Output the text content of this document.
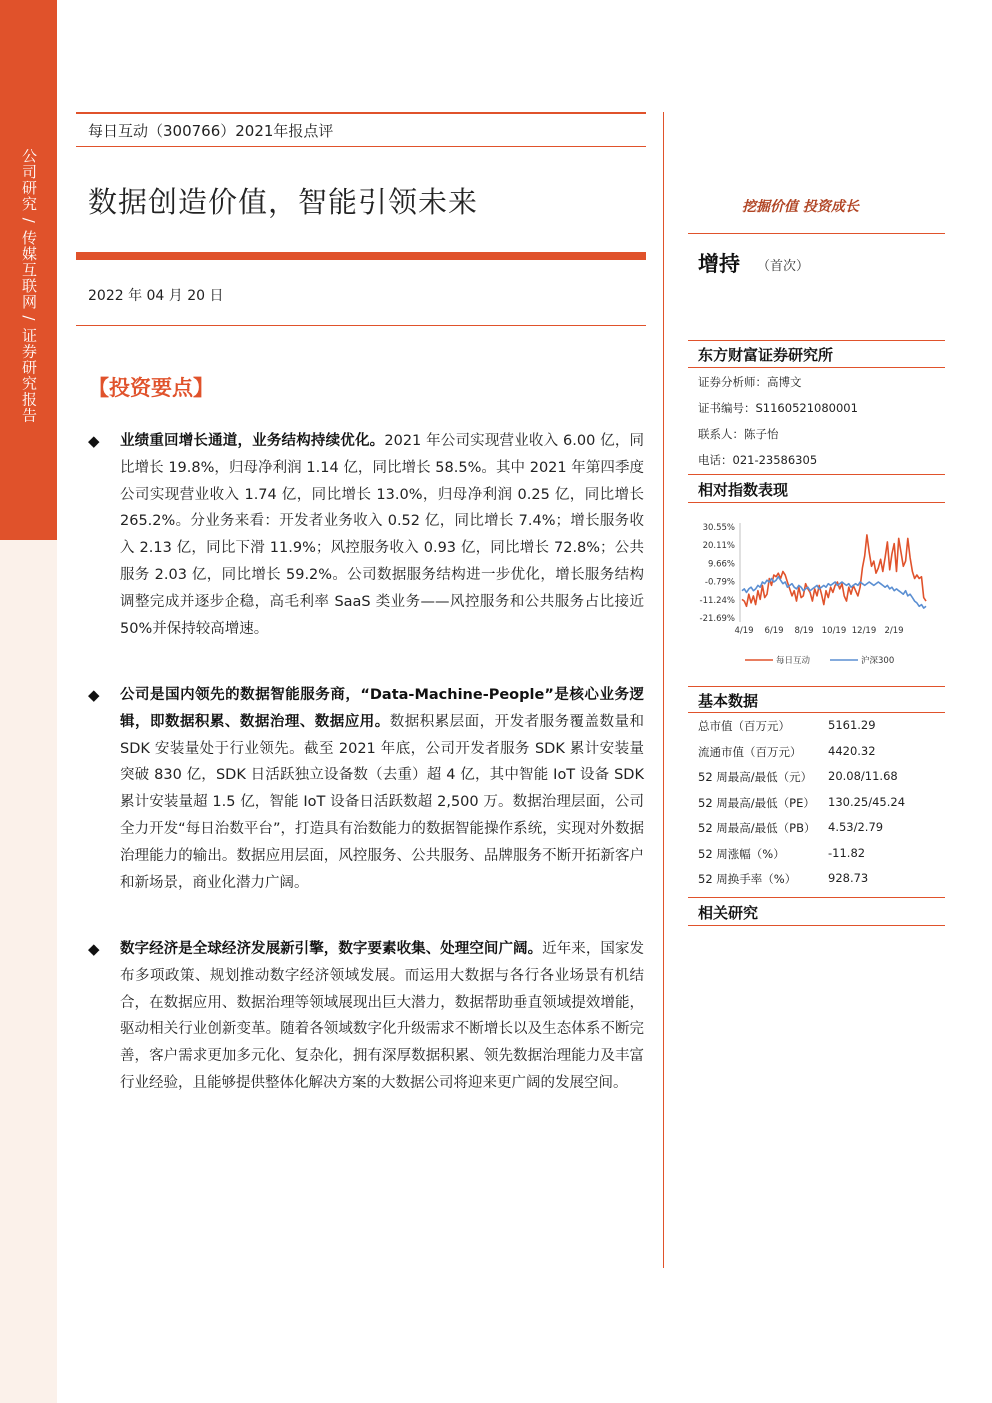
公司研究 / 传媒互联网 / 证券研究报告
每日互动（300766）2021年报点评
数据创造价值，智能引领未来
2022 年 04 月 20 日
【投资要点】
◆ 业绩重回增长通道，业务结构持续优化。2021 年公司实现营业收入 6.00 亿，同比增长 19.8%，归母净利润 1.14 亿，同比增长 58.5%。其中 2021 年第四季度公司实现营业收入 1.74 亿，同比增长 13.0%，归母净利润 0.25 亿，同比增长 265.2%。分业务来看：开发者业务收入 0.52 亿，同比增长 7.4%；增长服务收入 2.13 亿，同比下滑 11.9%；风控服务收入 0.93 亿，同比增长 72.8%；公共服务 2.03 亿，同比增长 59.2%。公司数据服务结构进一步优化，增长服务结构调整完成并逐步企稳，高毛利率 SaaS 类业务——风控服务和公共服务占比接近 50%并保持较高增速。

◆ 公司是国内领先的数据智能服务商，“Data-Machine-People”是核心业务逻辑，即数据积累、数据治理、数据应用。数据积累层面，开发者服务覆盖数量和 SDK 安装量处于行业领先。截至 2021 年底，公司开发者服务 SDK 累计安装量突破 830 亿，SDK 日活跃独立设备数（去重）超 4 亿，其中智能 IoT 设备 SDK 累计安装量超 1.5 亿，智能 IoT 设备日活跃数超 2,500 万。数据治理层面，公司全力开发“每日治数平台”，打造具有治数能力的数据智能操作系统，实现对外数据治理能力的输出。数据应用层面，风控服务、公共服务、品牌服务不断开拓新客户和新场景，商业化潜力广阔。

◆ 数字经济是全球经济发展新引擎，数字要素收集、处理空间广阔。近年来，国家发布多项政策、规划推动数字经济领域发展。而运用大数据与各行各业场景有机结合，在数据应用、数据治理等领域展现出巨大潜力，数据帮助垂直领域提效增能，驱动相关行业创新变革。随着各领域数字化升级需求不断增长以及生态体系不断完善，客户需求更加多元化、复杂化，拥有深厚数据积累、领先数据治理能力及丰富行业经验，且能够提供整体化解决方案的大数据公司将迎来更广阔的发展空间。

挖掘价值 投资成长
增持 （首次）
东方财富证券研究所
证券分析师：高博文
证书编号：S1160521080001
联系人：陈子怡
电话：021-23586305
相对指数表现
30.55%
20.11%
9.66%
-0.79%
-11.24%
-21.69%
4/19 6/19 8/19 10/19 12/19 2/19
每日互动	沪深300
基本数据
总市值（百万元）	5161.29
流通市值（百万元） 4420.32
52 周最高/最低（元） 20.08/11.68
52 周最高/最低（PE） 130.25/45.24
52 周最高/最低（PB） 4.53/2.79
52 周涨幅（%）	-11.82
52 周换手率（%）	928.73
相关研究
